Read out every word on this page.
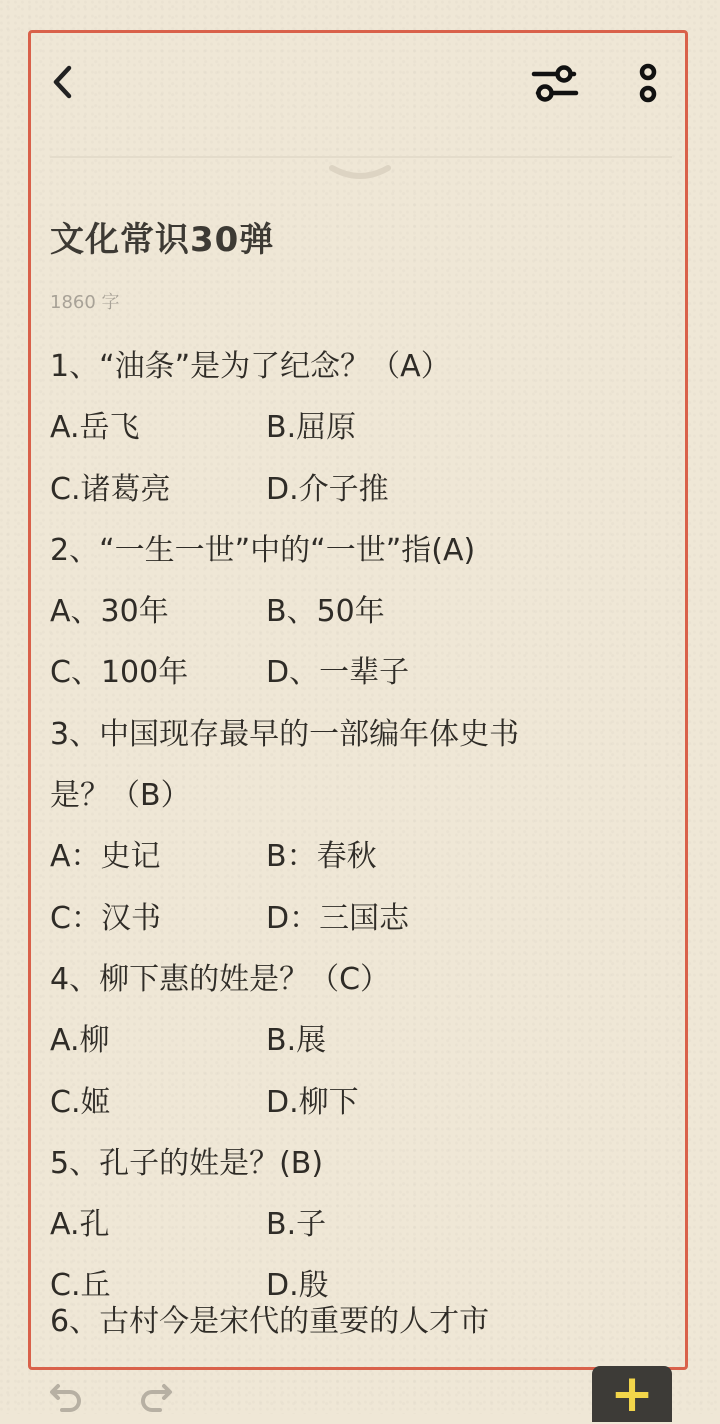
文化常识30弹
1860 字
1、“油条”是为了纪念？（A）
A.岳飞	B.屈原
C.诸葛亮	D.介子推
2、“一生一世”中的“一世”指(A)
A、30年	B、50年
C、100年	D、一辈子
3、中国现存最早的一部编年体史书
是？（B）
A：史记	B：春秋
C：汉书	D：三国志
4、柳下惠的姓是？（C）
A.柳	B.展
C.姬	D.柳下
5、孔子的姓是？(B)
A.孔	B.子
C.丘	D.殷
6、古村今是宋代的重要的人才市
+
